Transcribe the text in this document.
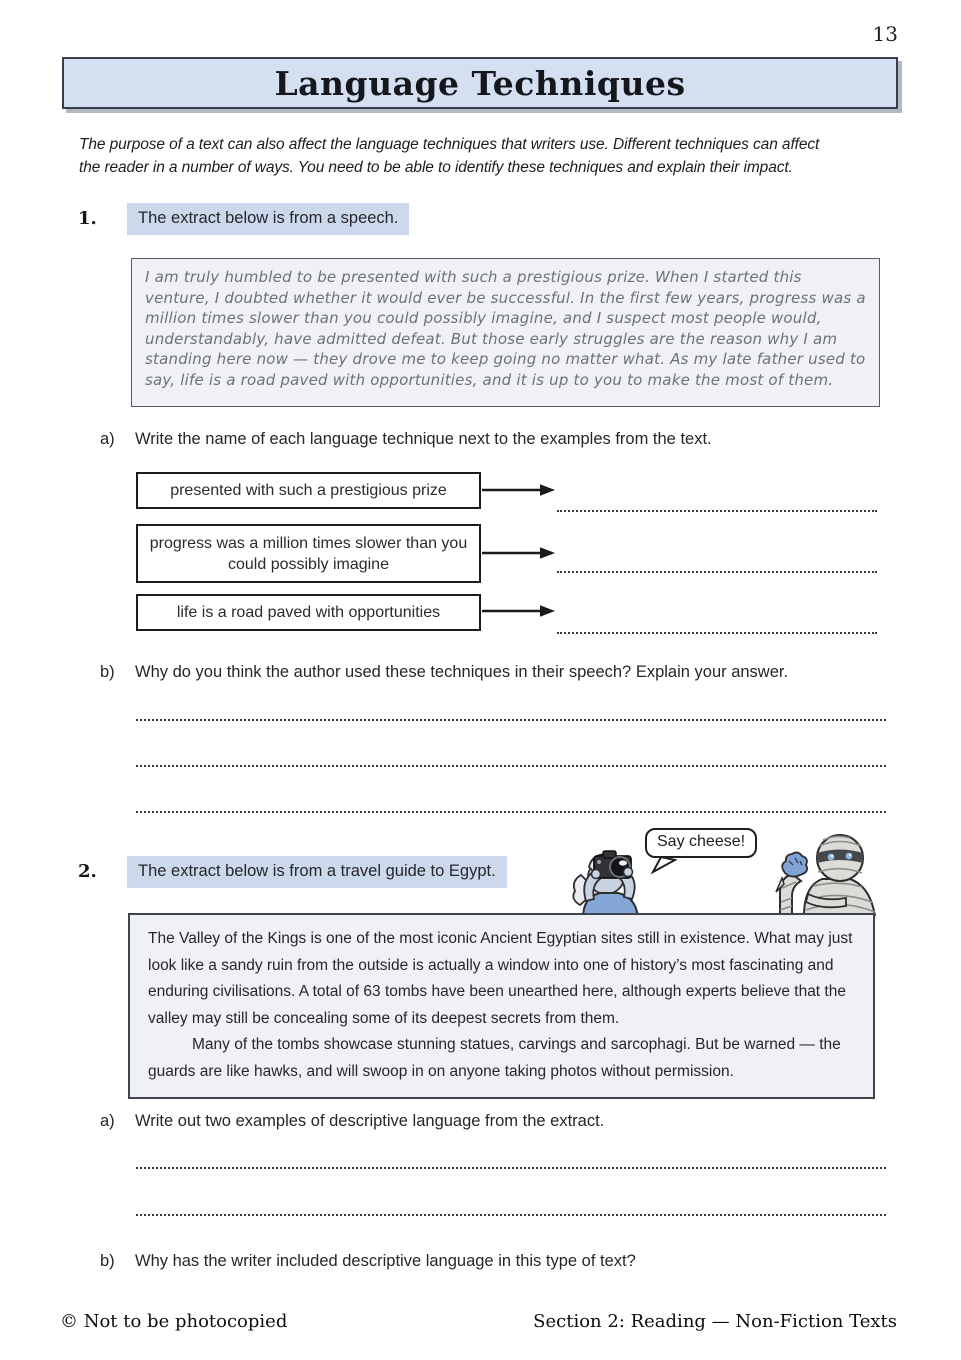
13
Language Techniques
The purpose of a text can also affect the language techniques that writers use. Different techniques can affect
the reader in a number of ways. You need to be able to identify these techniques and explain their impact.
1.	The extract below is from a speech.
I am truly humbled to be presented with such a prestigious prize. When I started this venture, I doubted whether it would ever be successful. In the first few years, progress was a million times slower than you could possibly imagine, and I suspect most people would, understandably, have admitted defeat. But those early struggles are the reason why I am standing here now — they drove me to keep going no matter what. As my late father used to say, life is a road paved with opportunities, and it is up to you to make the most of them.
a) Write the name of each language technique next to the examples from the text.
presented with such a prestigious prize
progress was a million times slower than you could possibly imagine
life is a road paved with opportunities
b) Why do you think the author used these techniques in their speech? Explain your answer.
2.	The extract below is from a travel guide to Egypt.
Say cheese!

The Valley of the Kings is one of the most iconic Ancient Egyptian sites still in existence. What may just look like a sandy ruin from the outside is actually a window into one of history’s most fascinating and enduring civilisations. A total of 63 tombs have been unearthed here, although experts believe that the valley may still be concealing some of its deepest secrets from them.

Many of the tombs showcase stunning statues, carvings and sarcophagi. But be warned — the guards are like hawks, and will swoop in on anyone taking photos without permission.

a) Write out two examples of descriptive language from the extract.
b) Why has the writer included descriptive language in this type of text?
© Not to be photocopied	Section 2: Reading — Non-Fiction Texts
